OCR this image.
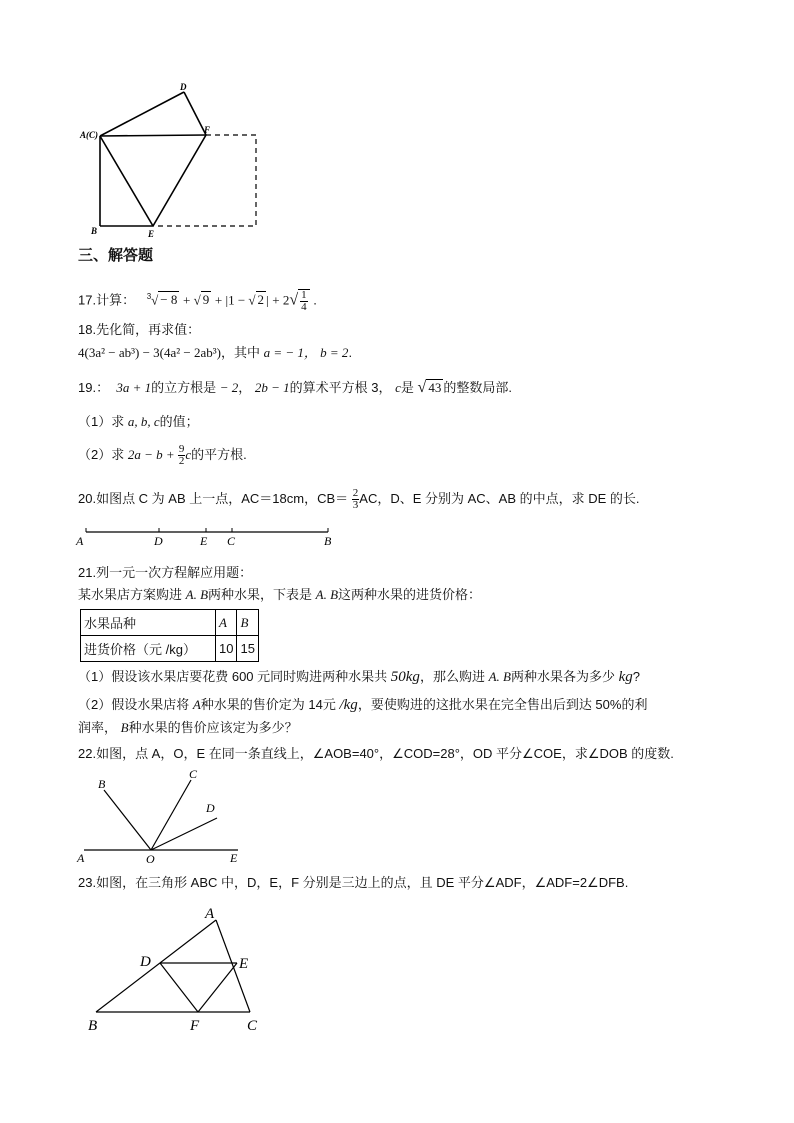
D
A(C)	F
B	E
三、解答题
17.计算： $^3$√ − 8 + √ 9 + |1 − √ 2 | + $2√ \frac{1}{4}$ .
18.先化简，再求值：
4(3a² − ab³) − 3(4a² − 2ab³)，其中 a = − 1， b = 2.
19.： 3a + 1的立方根是 − 2， 2b − 1的算术平方根 3， c是 √ 43 的整数局部.
（1）求 a, b, c的值；
（2）求 $2a - b + \frac{9}{2}$ c的平方根.
20.如图点 C 为 AB 上一点，AC＝18cm，$CB= \frac{2}{3}$ AC，D、E 分别为 AC、AB 的中点，求 DE 的长.
A	D	E C	B
21.列一元一次方程解应用题：
某水果店方案购进 A. B两种水果，下表是 A. B这两种水果的进货价格：
水果品种	A	B
进货价格（元 /kg）	10	15
（1）假设该水果店要花费 600 元同时购进两种水果共 50kg，那么购进 A. B两种水果各为多少 kg?
（2）假设水果店将 A种水果的售价定为 14元 /kg，要使购进的这批水果在完全售出后到达 50%的利
润率， B种水果的售价应该定为多少？
22.如图，点 A，O，E 在同一条直线上，∠AOB=40°，∠COD=28°，OD 平分∠COE，求∠DOB 的度数.
B
C
D
A	O	E
23.如图，在三角形 ABC 中，D，E，F 分别是三边上的点，且 DE 平分∠ADF，∠ADF=2∠DFB.
A
D	E
B	F	C
